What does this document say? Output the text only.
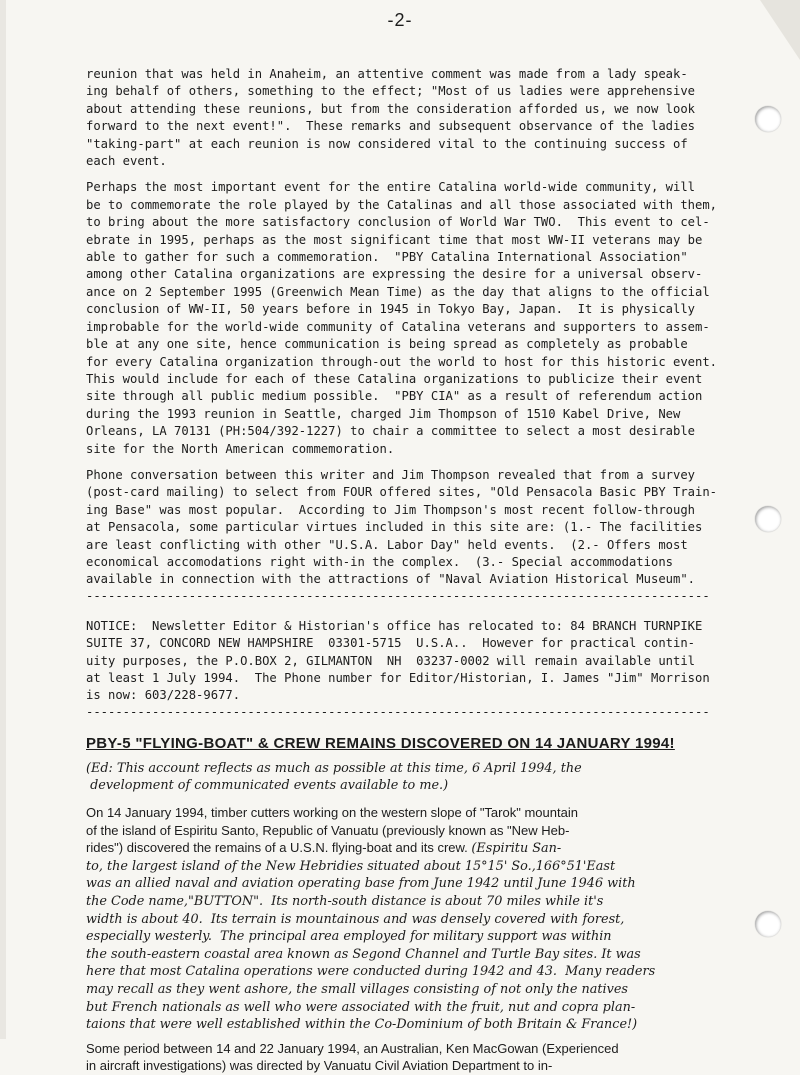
-2-

reunion that was held in Anaheim, an attentive comment was made from a lady speak-

ing behalf of others, something to the effect; "Most of us ladies were apprehensive

about attending these reunions, but from the consideration afforded us, we now look

forward to the next event!".  These remarks and subsequent observance of the ladies

"taking-part" at each reunion is now considered vital to the continuing success of

each event.

Perhaps the most important event for the entire Catalina world-wide community, will

be to commemorate the role played by the Catalinas and all those associated with them,

to bring about the more satisfactory conclusion of World War TWO.  This event to cel-

ebrate in 1995, perhaps as the most significant time that most WW-II veterans may be

able to gather for such a commemoration.  "PBY Catalina International Association"

among other Catalina organizations are expressing the desire for a universal observ-

ance on 2 September 1995 (Greenwich Mean Time) as the day that aligns to the official

conclusion of WW-II, 50 years before in 1945 in Tokyo Bay, Japan.  It is physically

improbable for the world-wide community of Catalina veterans and supporters to assem-

ble at any one site, hence communication is being spread as completely as probable

for every Catalina organization through-out the world to host for this historic event.

This would include for each of these Catalina organizations to publicize their event

site through all public medium possible.  "PBY CIA" as a result of referendum action

during the 1993 reunion in Seattle, charged Jim Thompson of 1510 Kabel Drive, New

Orleans, LA 70131 (PH:504/392-1227) to chair a committee to select a most desirable

site for the North American commemoration.

Phone conversation between this writer and Jim Thompson revealed that from a survey

(post-card mailing) to select from FOUR offered sites, "Old Pensacola Basic PBY Train-

ing Base" was most popular.  According to Jim Thompson's most recent follow-through

at Pensacola, some particular virtues included in this site are: (1.- The facilities

are least conflicting with other "U.S.A. Labor Day" held events.  (2.- Offers most

economical accomodations right with-in the complex.  (3.- Special accommodations

available in connection with the attractions of "Naval Aviation Historical Museum".

-------------------------------------------------------------------------------------

NOTICE:  Newsletter Editor & Historian's office has relocated to: 84 BRANCH TURNPIKE

SUITE 37, CONCORD NEW HAMPSHIRE  03301-5715  U.S.A..  However for practical contin-

uity purposes, the P.O.BOX 2, GILMANTON  NH  03237-0002 will remain available until

at least 1 July 1994.  The Phone number for Editor/Historian, I. James "Jim" Morrison

is now: 603/228-9677.

-------------------------------------------------------------------------------------

PBY-5 "FLYING-BOAT" & CREW REMAINS DISCOVERED ON 14 JANUARY 1994!

(Ed: This account reflects as much as possible at this time, 6 April 1994, the

development of communicated events available to me.)

On 14 January 1994, timber cutters working on the western slope of "Tarok" mountain

of the island of Espiritu Santo, Republic of Vanuatu (previously known as "New Heb-

rides") discovered the remains of a U.S.N. flying-boat and its crew. (Espiritu San-

to, the largest island of the New Hebridies situated about 15°15' So.,166°51'East

was an allied naval and aviation operating base from June 1942 until June 1946 with

the Code name,"BUTTON".  Its north-south distance is about 70 miles while it's

width is about 40.  Its terrain is mountainous and was densely covered with forest,

especially westerly.  The principal area employed for military support was within

the south-eastern coastal area known as Segond Channel and Turtle Bay sites. It was

here that most Catalina operations were conducted during 1942 and 43.  Many readers

may recall as they went ashore, the small villages consisting of not only the natives

but French nationals as well who were associated with the fruit, nut and copra plan-

taions that were well established within the Co-Dominium of both Britain & France!)

Some period between 14 and 22 January 1994, an Australian, Ken MacGowan (Experienced

in aircraft investigations) was directed by Vanuatu Civil Aviation Department to in-
